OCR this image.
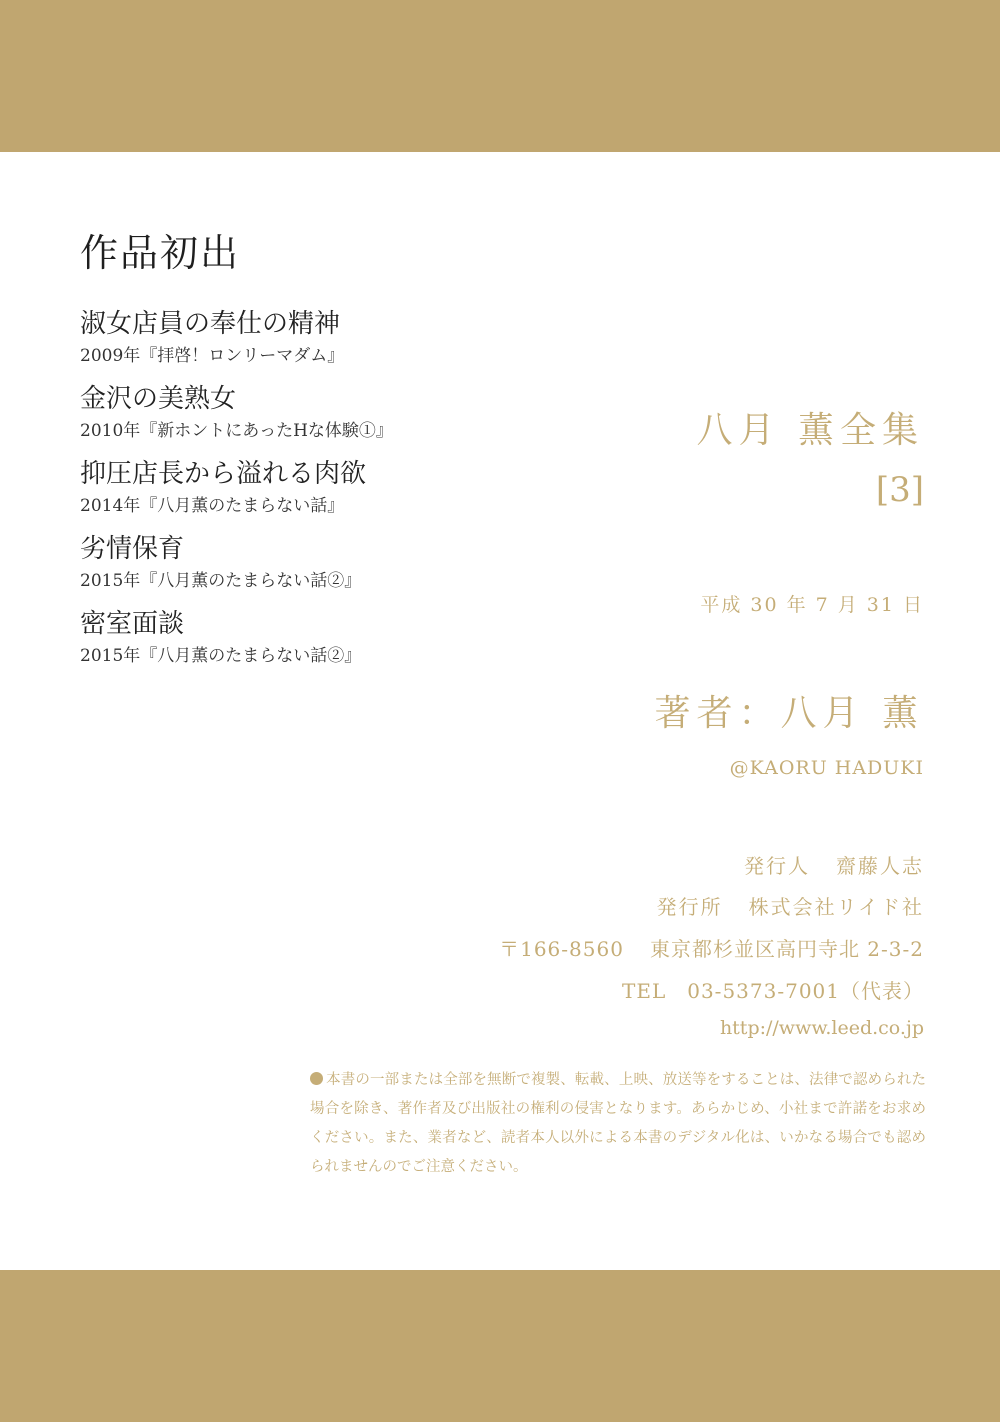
作品初出
淑女店員の奉仕の精神
2009年『拝啓！ロンリーマダム』
金沢の美熟女
2010年『新ホントにあったHな体験①』
抑圧店長から溢れる肉欲
2014年『八月薫のたまらない話』
劣情保育
2015年『八月薫のたまらない話②』
密室面談
2015年『八月薫のたまらない話②』
八月 薫全集
[3]
平成 30 年 7 月 31 日
著者：八月 薫
@KAORU HADUKI
発行人 齋藤人志
発行所 株式会社リイド社
〒166-8560 東京都杉並区高円寺北 2-3-2
TEL　03-5373-7001（代表）
http://www.leed.co.jp
本書の一部または全部を無断で複製、転載、上映、放送等をすることは、法律で認められた場合を除き、著作者及び出版社の権利の侵害となります。あらかじめ、小社まで許諾をお求めください。また、業者など、読者本人以外による本書のデジタル化は、いかなる場合でも認められませんのでご注意ください。
